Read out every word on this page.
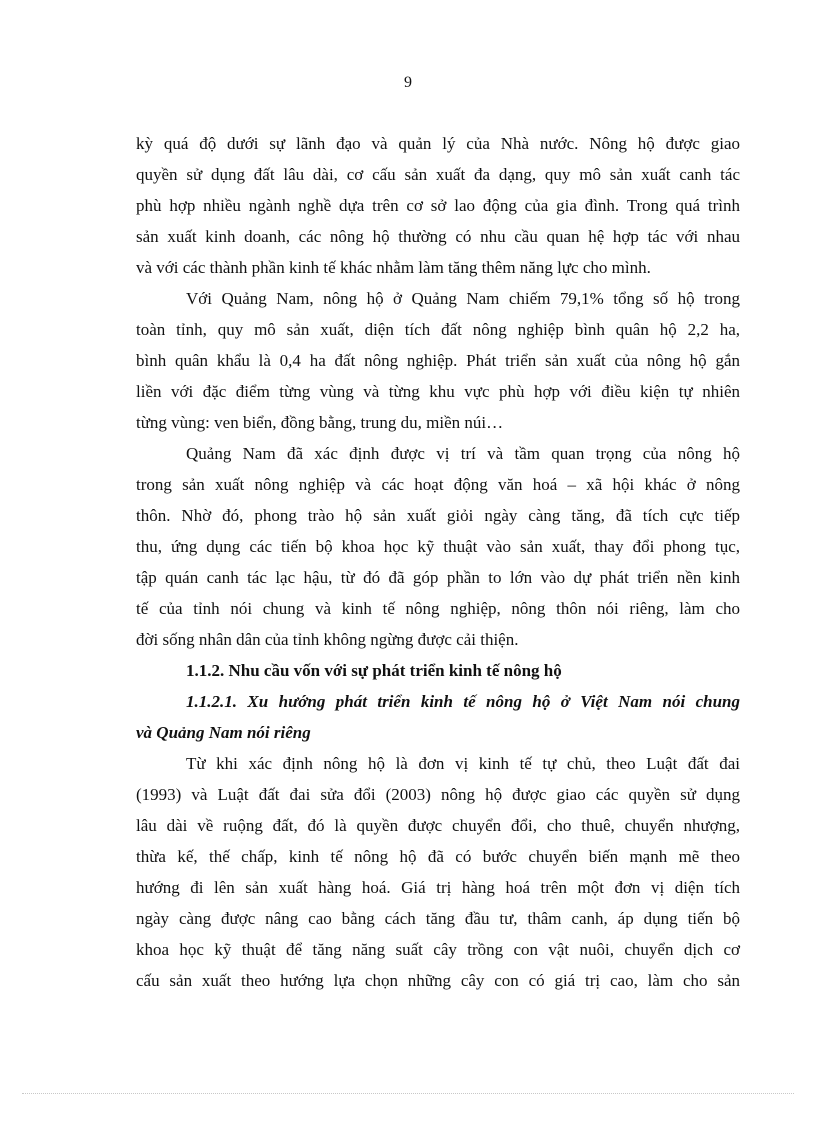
9
kỳ quá độ dưới sự lãnh đạo và quản lý của Nhà nước. Nông hộ được giao
quyền sử dụng đất lâu dài, cơ cấu sản xuất đa dạng, quy mô sản xuất canh tác
phù hợp nhiều ngành nghề dựa trên cơ sở lao động của gia đình. Trong quá trình
sản xuất kinh doanh, các nông hộ thường có nhu cầu quan hệ hợp tác với nhau
và với các thành phần kinh tế khác nhằm làm tăng thêm năng lực cho mình.
Với Quảng Nam, nông hộ ở Quảng Nam chiếm 79,1% tổng số hộ trong
toàn tỉnh, quy mô sản xuất, diện tích đất nông nghiệp bình quân hộ 2,2 ha,
bình quân khẩu là 0,4 ha đất nông nghiệp. Phát triển sản xuất của nông hộ gắn
liền với đặc điểm từng vùng và từng khu vực phù hợp với điều kiện tự nhiên
từng vùng: ven biển, đồng bằng, trung du, miền núi…
Quảng Nam đã xác định được vị trí và tầm quan trọng của nông hộ
trong sản xuất nông nghiệp và các hoạt động văn hoá – xã hội khác ở nông
thôn. Nhờ đó, phong trào hộ sản xuất giỏi ngày càng tăng, đã tích cực tiếp
thu, ứng dụng các tiến bộ khoa học kỹ thuật vào sản xuất, thay đổi phong tục,
tập quán canh tác lạc hậu, từ đó đã góp phần to lớn vào dự phát triển nền kinh
tế của tỉnh nói chung và kinh tế nông nghiệp, nông thôn nói riêng, làm cho
đời sống nhân dân của tỉnh không ngừng được cải thiện.
1.1.2. Nhu cầu vốn với sự phát triển kinh tế nông hộ
1.1.2.1. Xu hướng phát triển kinh tế nông hộ ở Việt Nam nói chung
và Quảng Nam nói riêng
Từ khi xác định nông hộ là đơn vị kinh tế tự chủ, theo Luật đất đai
(1993) và Luật đất đai sửa đổi (2003) nông hộ được giao các quyền sử dụng
lâu dài về ruộng đất, đó là quyền được chuyển đổi, cho thuê, chuyển nhượng,
thừa kế, thế chấp, kinh tế nông hộ đã có bước chuyển biến mạnh mẽ theo
hướng đi lên sản xuất hàng hoá. Giá trị hàng hoá trên một đơn vị diện tích
ngày càng được nâng cao bằng cách tăng đầu tư, thâm canh, áp dụng tiến bộ
khoa học kỹ thuật để tăng năng suất cây trồng con vật nuôi, chuyển dịch cơ
cấu sản xuất theo hướng lựa chọn những cây con có giá trị cao, làm cho sản
